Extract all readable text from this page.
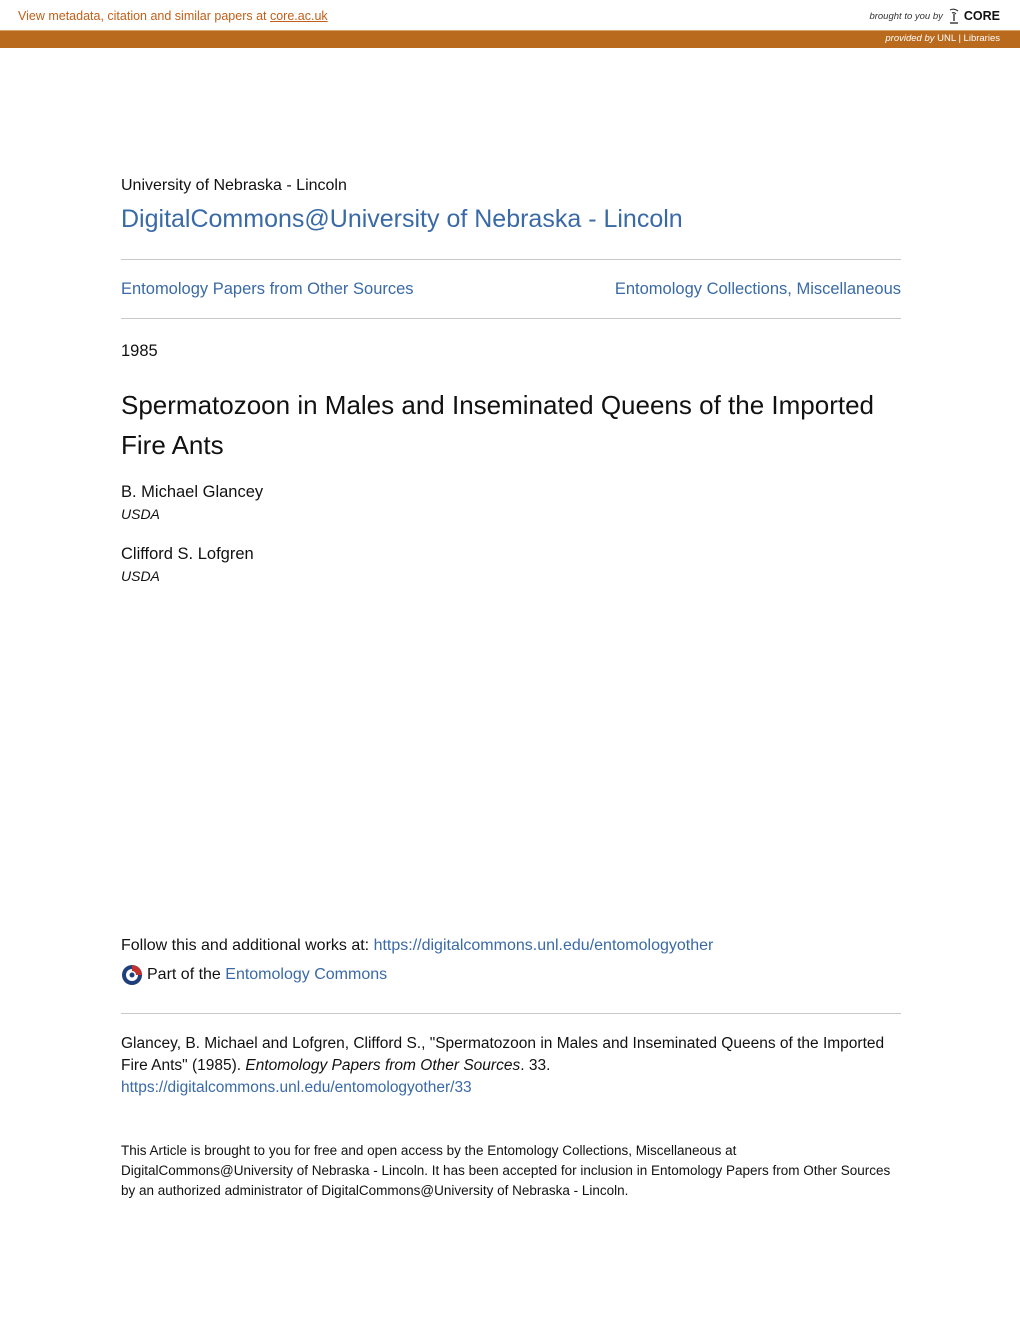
View metadata, citation and similar papers at core.ac.uk	brought to you by CORE
provided by UNL | Libraries
University of Nebraska - Lincoln
DigitalCommons@University of Nebraska - Lincoln
Entomology Papers from Other Sources	Entomology Collections, Miscellaneous
1985
Spermatozoon in Males and Inseminated Queens of the Imported Fire Ants
B. Michael Glancey
USDA
Clifford S. Lofgren
USDA
Follow this and additional works at: https://digitalcommons.unl.edu/entomologyother
Part of the Entomology Commons
Glancey, B. Michael and Lofgren, Clifford S., "Spermatozoon in Males and Inseminated Queens of the Imported Fire Ants" (1985). Entomology Papers from Other Sources. 33.
https://digitalcommons.unl.edu/entomologyother/33
This Article is brought to you for free and open access by the Entomology Collections, Miscellaneous at DigitalCommons@University of Nebraska - Lincoln. It has been accepted for inclusion in Entomology Papers from Other Sources by an authorized administrator of DigitalCommons@University of Nebraska - Lincoln.
